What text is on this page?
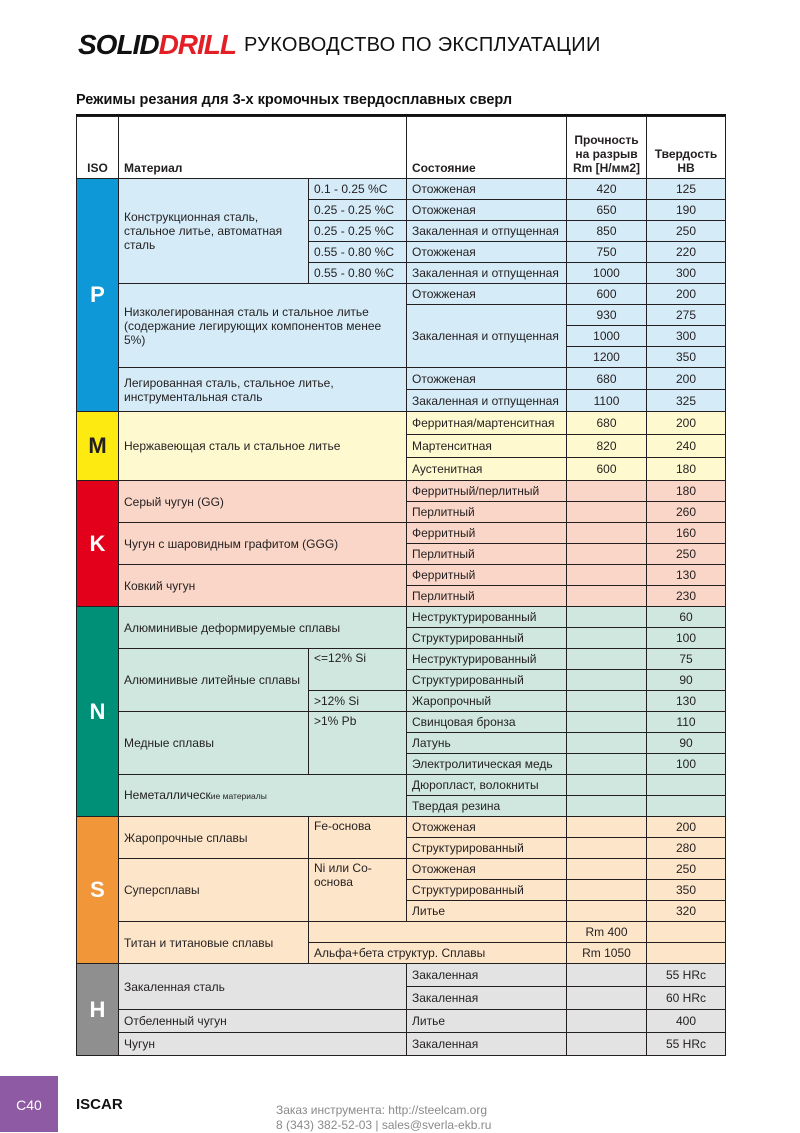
SOLIDDRILL РУКОВОДСТВО ПО ЭКСПЛУАТАЦИИ
Режимы резания для 3-х кромочных твердосплавных сверл
ISO	Материал		Состояние	Прочность на разрыв Rm [Н/мм2]	Твердость HB
P	Конструкционная сталь, стальное литье, автоматная сталь	0.1 - 0.25 %C	Отожженая	420	125
		0.25 - 0.25 %C	Отожженая	650	190
		0.25 - 0.25 %C	Закаленная и отпущенная	850	250
		0.55 - 0.80 %C	Отожженая	750	220
		0.55 - 0.80 %C	Закаленная и отпущенная	1000	300
	Низколегированная сталь и стальное литье (содержание легирующих компонентов менее 5%)		Отожженая	600	200
			Закаленная и отпущенная	930	275
				1000	300
				1200	350
	Легированная сталь, стальное литье, инструментальная сталь		Отожженая	680	200
			Закаленная и отпущенная	1100	325
M	Нержавеющая сталь и стальное литье		Ферритная/мартенситная	680	200
			Мартенситная	820	240
			Аустенитная	600	180
K	Серый чугун (GG)		Ферритный/перлитный		180
			Перлитный		260
	Чугун с шаровидным графитом (GGG)		Ферритный		160
			Перлитный		250
	Ковкий чугун		Ферритный		130
			Перлитный		230
N	Алюминивые деформируемые сплавы		Неструктурированный		60
			Структурированный		100
	Алюминивые литейные сплавы	<=12% Si	Неструктурированный		75
			Структурированный		90
		>12% Si	Жаропрочный		130
	Медные сплавы	>1% Pb	Свинцовая бронза		110
			Латунь		90
			Электролитическая медь		100
	Неметаллические материалы		Дюропласт, волокниты		
			Твердая резина		
S	Жаропрочные сплавы	Fe-основа	Отожженая		200
			Структурированный		280
	Суперсплавы	Ni или Co-основа	Отожженая		250
			Структурированный		350
			Литье		320
	Титан и титановые сплавы			Rm 400	
		Альфа+бета структур. Сплавы		Rm 1050	
H	Закаленная сталь		Закаленная		55 HRc
			Закаленная		60 HRc
	Отбеленный чугун		Литье		400
	Чугун		Закаленная		55 HRc
C40	ISCAR	Заказ инструмента: http://steelcam.org
8 (343) 382-52-03 | sales@sverla-ekb.ru
